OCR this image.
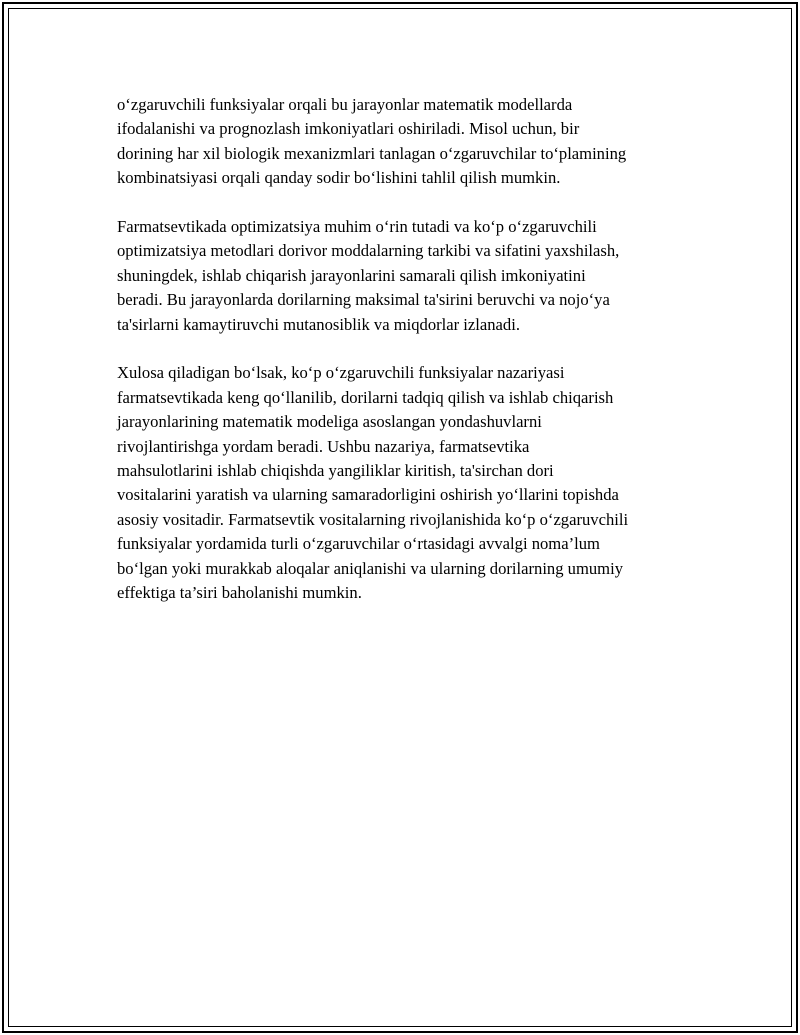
o‘zgaruvchili funksiyalar orqali bu jarayonlar matematik modellarda
ifodalanishi va prognozlash imkoniyatlari oshiriladi. Misol uchun, bir
dorining har xil biologik mexanizmlari tanlagan o‘zgaruvchilar to‘plamining
kombinatsiyasi orqali qanday sodir bo‘lishini tahlil qilish mumkin.

Farmatsevtikada optimizatsiya muhim o‘rin tutadi va ko‘p o‘zgaruvchili
optimizatsiya metodlari dorivor moddalarning tarkibi va sifatini yaxshilash,
shuningdek, ishlab chiqarish jarayonlarini samarali qilish imkoniyatini
beradi. Bu jarayonlarda dorilarning maksimal ta'sirini beruvchi va nojo‘ya
ta'sirlarni kamaytiruvchi mutanosiblik va miqdorlar izlanadi.

Xulosa qiladigan bo‘lsak, ko‘p o‘zgaruvchili funksiyalar nazariyasi
farmatsevtikada keng qo‘llanilib, dorilarni tadqiq qilish va ishlab chiqarish
jarayonlarining matematik modeliga asoslangan yondashuvlarni
rivojlantirishga yordam beradi. Ushbu nazariya, farmatsevtika
mahsulotlarini ishlab chiqishda yangiliklar kiritish, ta'sirchan dori
vositalarini yaratish va ularning samaradorligini oshirish yo‘llarini topishda
asosiy vositadir. Farmatsevtik vositalarning rivojlanishida ko‘p o‘zgaruvchili
funksiyalar yordamida turli o‘zgaruvchilar o‘rtasidagi avvalgi noma’lum
bo‘lgan yoki murakkab aloqalar aniqlanishi va ularning dorilarning umumiy
effektiga ta’siri baholanishi mumkin.
